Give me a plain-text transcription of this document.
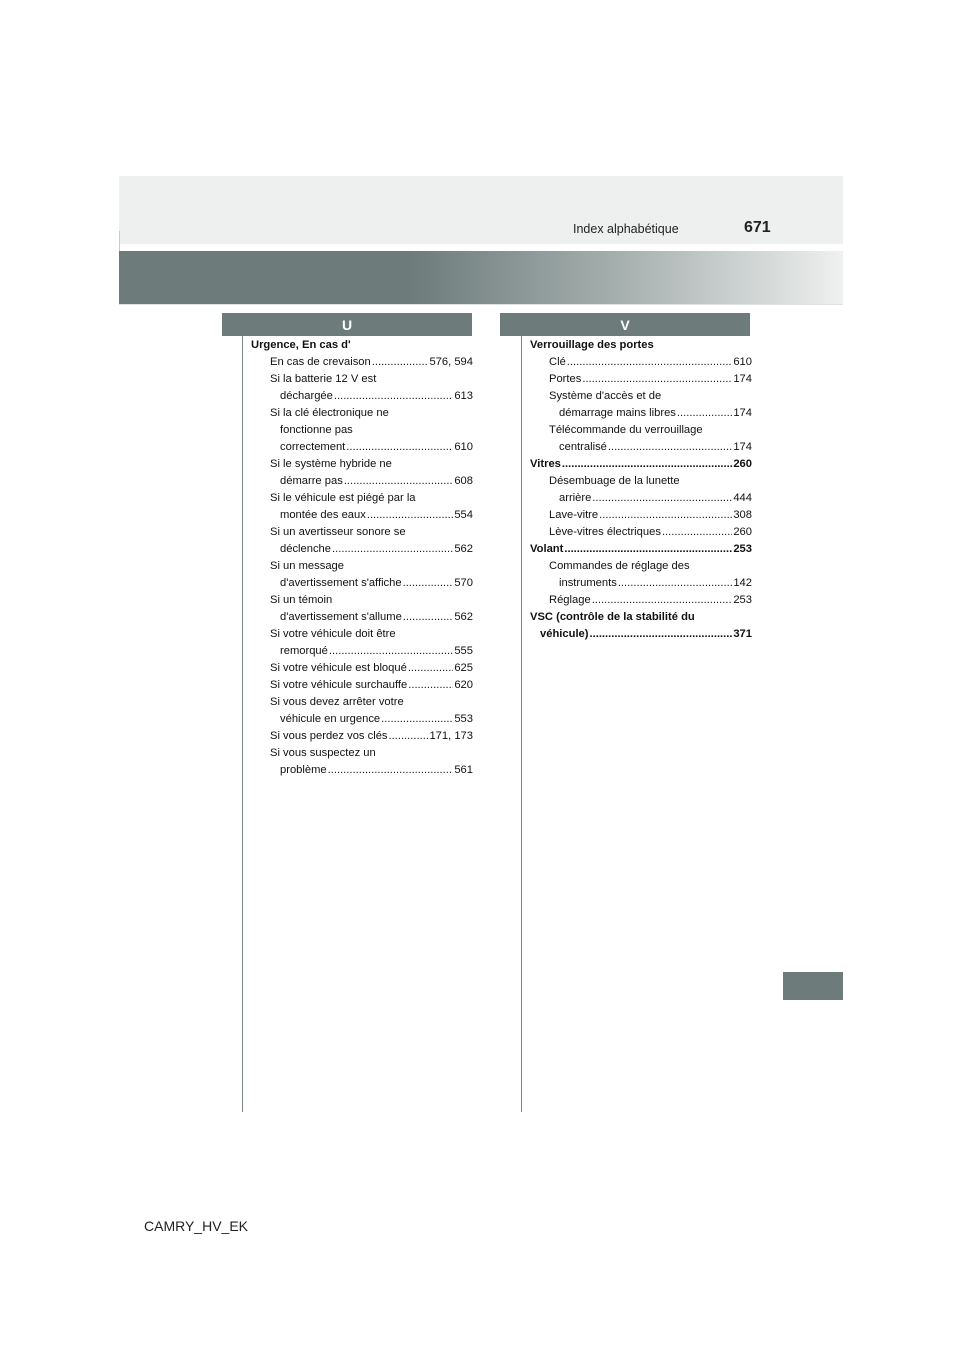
Index alphabétique	671
U	V
Urgence, En cas d'
En cas de crevaison .....	576, 594
Si la batterie 12 V est
déchargée .....	613
Si la clé électronique ne
fonctionne pas
correctement .....	610
Si le système hybride ne
démarre pas .....	608
Si le véhicule est piégé par la
montée des eaux .....	554
Si un avertisseur sonore se
déclenche .....	562
Si un message
d'avertissement s'affiche .....	570
Si un témoin
d'avertissement s'allume .....	562
Si votre véhicule doit être
remorqué .....	555
Si votre véhicule est bloqué .....	625
Si votre véhicule surchauffe .....	620
Si vous devez arrêter votre
véhicule en urgence .....	553
Si vous perdez vos clés .....	171, 173
Si vous suspectez un
problème .....	561
Verrouillage des portes
Clé .....	610
Portes .....	174
Système d'accès et de
démarrage mains libres .....	174
Télécommande du verrouillage
centralisé .....	174
Vitres .....	260
Désembuage de la lunette
arrière .....	444
Lave-vitre .....	308
Lève-vitres électriques .....	260
Volant .....	253
Commandes de réglage des
instruments .....	142
Réglage .....	253
VSC (contrôle de la stabilité du
véhicule) .....	371
CAMRY_HV_EK
